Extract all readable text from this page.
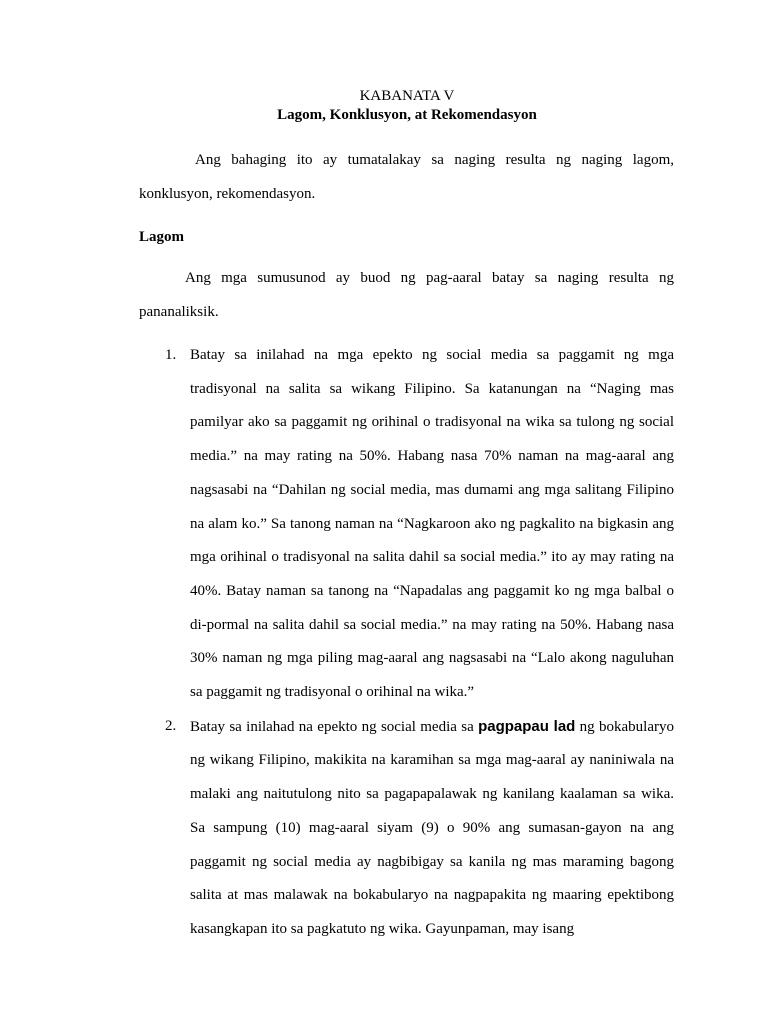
KABANATA V
Lagom, Konklusyon, at Rekomendasyon

Ang bahaging ito ay tumatalakay sa naging resulta ng naging lagom, konklusyon, rekomendasyon.

Lagom

Ang mga sumusunod ay buod ng pag-aaral batay sa naging resulta ng pananaliksik.

1. Batay sa inilahad na mga epekto ng social media sa paggamit ng mga tradisyonal na salita sa wikang Filipino. Sa katanungan na “Naging mas pamilyar ako sa paggamit ng orihinal o tradisyonal na wika sa tulong ng social media.” na may rating na 50%. Habang nasa 70% naman na mag-aaral ang nagsasabi na “Dahilan ng social media, mas dumami ang mga salitang Filipino na alam ko.” Sa tanong naman na “Nagkaroon ako ng pagkalito na bigkasin ang mga orihinal o tradisyonal na salita dahil sa social media.” ito ay may rating na 40%. Batay naman sa tanong na “Napadalas ang paggamit ko ng mga balbal o di-pormal na salita dahil sa social media.” na may rating na 50%. Habang nasa 30% naman ng mga piling mag-aaral ang nagsasabi na “Lalo akong naguluhan sa paggamit ng tradisyonal o orihinal na wika.”
2. Batay sa inilahad na epekto ng social media sa pagpapau lad ng bokabularyo ng wikang Filipino, makikita na karamihan sa mga mag-aaral ay naniniwala na malaki ang naitutulong nito sa pagapapalawak ng kanilang kaalaman sa wika. Sa sampung (10) mag-aaral siyam (9) o 90% ang sumasan-gayon na ang paggamit ng social media ay nagbibigay sa kanila ng mas maraming bagong salita at mas malawak na bokabularyo na nagpapakita ng maaring epektibong kasangkapan ito sa pagkatuto ng wika. Gayunpaman, may isang
